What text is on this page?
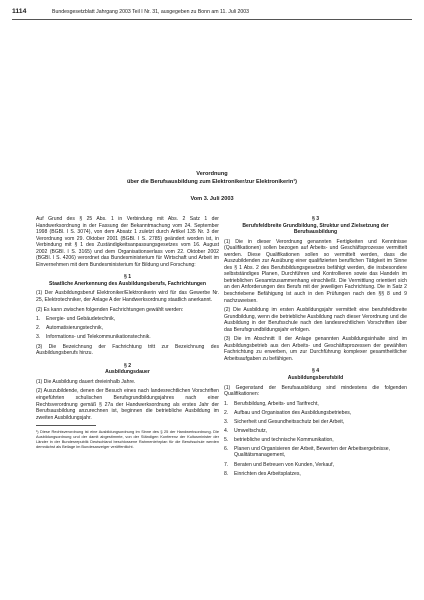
1114	Bundesgesetzblatt Jahrgang 2003 Teil I Nr. 31, ausgegeben zu Bonn am 11. Juli 2003
Verordnung
über die Berufsausbildung zum Elektroniker/zur Elektronikerin¹)
Vom 3. Juli 2003

Auf Grund des § 25 Abs. 1 in Verbindung mit Abs. 2 Satz 1 der Handwerksordnung in der Fassung der Bekanntmachung vom 24. September 1998 (BGBl. I S. 3074), von dem Absatz 1 zuletzt durch Artikel 135 Nr. 3 der Verordnung vom 29. Oktober 2001 (BGBl. I S. 2785) geändert worden ist, in Verbindung mit § 1 des Zuständigkeitsanpassungsgesetzes vom 16. August 2002 (BGBl. I S. 3165) und dem Organisationserlass vom 22. Oktober 2002 (BGBl. I S. 4206) verordnet das Bundesministerium für Wirtschaft und Arbeit im Einvernehmen mit dem Bundesministerium für Bildung und Forschung:

§ 1
Staatliche Anerkennung des Ausbildungsberufs, Fachrichtungen

(1) Der Ausbildungsberuf Elektroniker/Elektronikerin wird für das Gewerbe Nr. 25, Elektrotechniker, der Anlage A der Handwerksordnung staatlich anerkannt.

(2) Es kann zwischen folgenden Fachrichtungen gewählt werden:

1. Energie- und Gebäudetechnik,
2. Automatisierungstechnik,
3. Informations- und Telekommunikationstechnik.

(3) Die Bezeichnung der Fachrichtung tritt zur Bezeichnung des Ausbildungsberufs hinzu.

§ 2
Ausbildungsdauer

(1) Die Ausbildung dauert dreieinhalb Jahre.

(2) Auszubildende, denen der Besuch eines nach landesrechtlichen Vorschriften eingeführten schulischen Berufsgrundbildungsjahres nach einer Rechtsverordnung gemäß § 27a der Handwerksordnung als erstes Jahr der Berufsausbildung anzurechnen ist, beginnen die betriebliche Ausbildung im zweiten Ausbildungsjahr.

¹) Diese Rechtsverordnung ist eine Ausbildungsordnung im Sinne des § 25 der Handwerksordnung. Die Ausbildungsordnung und der damit abgestimmte, von der Ständigen Konferenz der Kultusminister der Länder in der Bundesrepublik Deutschland beschlossene Rahmenlehrplan für die Berufsschule werden demnächst als Beilage im Bundesanzeiger veröffentlicht.
§ 3
Berufsfeldbreite Grundbildung, Struktur und Zielsetzung der Berufsausbildung

(1) Die in dieser Verordnung genannten Fertigkeiten und Kenntnisse (Qualifikationen) sollen bezogen auf Arbeits- und Geschäftsprozesse vermittelt werden. Diese Qualifikationen sollen so vermittelt werden, dass die Auszubildenden zur Ausübung einer qualifizierten beruflichen Tätigkeit im Sinne des § 1 Abs. 2 des Berufsbildungsgesetzes befähigt werden, die insbesondere selbstständiges Planen, Durchführen und Kontrollieren sowie das Handeln im betrieblichen Gesamtzusammenhang einschließt. Die Vermittlung orientiert sich an den Anforderungen des Berufs mit der jeweiligen Fachrichtung. Die in Satz 2 beschriebene Befähigung ist auch in den Prüfungen nach den §§ 8 und 9 nachzuweisen.

(2) Die Ausbildung im ersten Ausbildungsjahr vermittelt eine berufsfeldbreite Grundbildung, wenn die betriebliche Ausbildung nach dieser Verordnung und die Ausbildung in der Berufsschule nach den landesrechtlichen Vorschriften über das Berufsgrundbildungsjahr erfolgen.

(3) Die im Abschnitt II der Anlage genannten Ausbildungsinhalte sind im Ausbildungsbetrieb aus den Arbeits- und Geschäftsprozessen der gewählten Fachrichtung zu erwerben, um zur Durchführung komplexer gesamtheitlicher Arbeitsaufgaben zu befähigen.

§ 4
Ausbildungsberufsbild

(1) Gegenstand der Berufsausbildung sind mindestens die folgenden Qualifikationen:

1. Berufsbildung, Arbeits- und Tarifrecht,
2. Aufbau und Organisation des Ausbildungsbetriebes,
3. Sicherheit und Gesundheitsschutz bei der Arbeit,
4. Umweltschutz,
5. betriebliche und technische Kommunikation,
6. Planen und Organisieren der Arbeit, Bewerten der Arbeitsergebnisse, Qualitätsmanagement,
7. Beraten und Betreuen von Kunden, Verkauf,
8. Einrichten des Arbeitsplatzes,
